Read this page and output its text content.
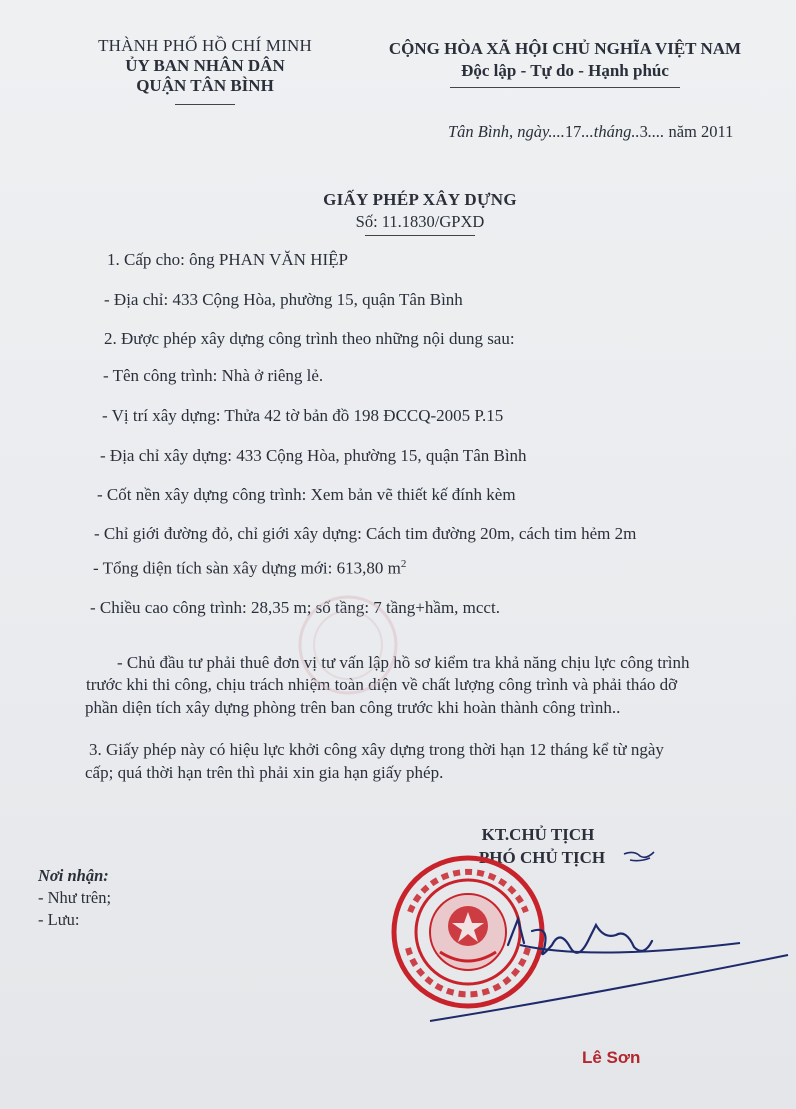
THÀNH PHỐ HỒ CHÍ MINH
ỦY BAN NHÂN DÂN
QUẬN TÂN BÌNH
CỘNG HÒA XÃ HỘI CHỦ NGHĨA VIỆT NAM
Độc lập - Tự do - Hạnh phúc
Tân Bình, ngày....17...tháng..3.... năm 2011
GIẤY PHÉP XÂY DỰNG
Số: 11.1830/GPXD
1. Cấp cho: ông PHAN VĂN HIỆP
- Địa chỉ: 433 Cộng Hòa, phường 15, quận Tân Bình
2. Được phép xây dựng công trình theo những nội dung sau:
- Tên công trình: Nhà ở riêng lẻ.
- Vị trí xây dựng: Thửa 42 tờ bản đồ 198 ĐCCQ-2005 P.15
- Địa chỉ xây dựng: 433 Cộng Hòa, phường 15, quận Tân Bình
- Cốt nền xây dựng công trình: Xem bản vẽ thiết kế đính kèm
- Chỉ giới đường đỏ, chỉ giới xây dựng: Cách tim đường 20m, cách tim hẻm 2m
- Tổng diện tích sàn xây dựng mới: 613,80 $m^2$
- Chiều cao công trình: 28,35 m; số tầng: 7 tầng+hầm, mcct.
- Chủ đầu tư phải thuê đơn vị tư vấn lập hồ sơ kiểm tra khả năng chịu lực công trình
trước khi thi công, chịu trách nhiệm toàn diện về chất lượng công trình và phải tháo dỡ
phần diện tích xây dựng phòng trên ban công trước khi hoàn thành công trình..
3. Giấy phép này có hiệu lực khởi công xây dựng trong thời hạn 12 tháng kể từ ngày
cấp; quá thời hạn trên thì phải xin gia hạn giấy phép.
KT.CHỦ TỊCH
PHÓ CHỦ TỊCH
Nơi nhận:
- Như trên;
- Lưu:
Lê Sơn
